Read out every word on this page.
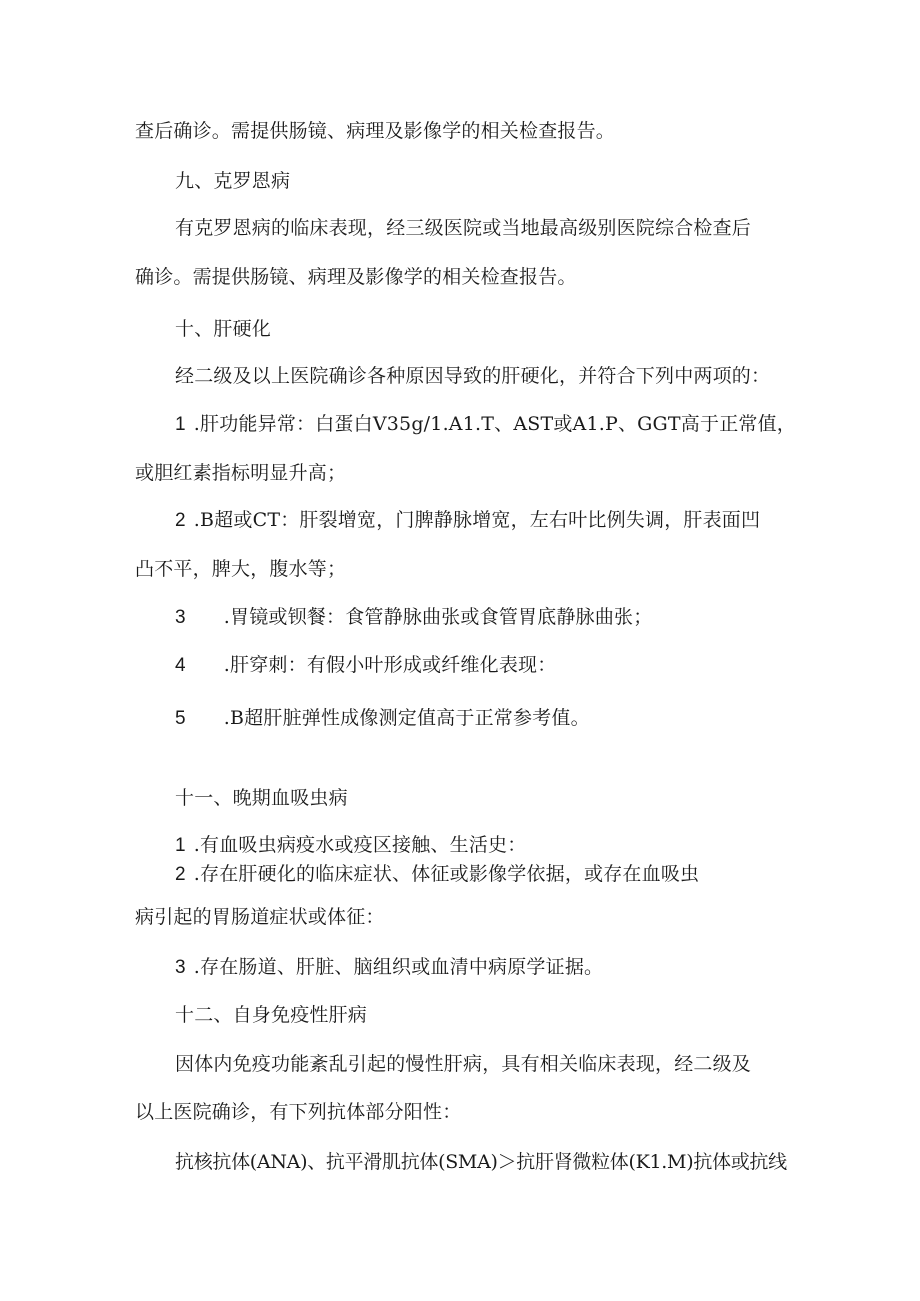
查后确诊。需提供肠镜、病理及影像学的相关检查报告。
九、克罗恩病
有克罗恩病的临床表现，经三级医院或当地最高级别医院综合检查后
确诊。需提供肠镜、病理及影像学的相关检查报告。
十、肝硬化
经二级及以上医院确诊各种原因导致的肝硬化，并符合下列中两项的：
1 .肝功能异常：白蛋白V35g∕1.A1.T、AST或A1.P、GGT高于正常值，
或胆红素指标明显升高；
2 .B超或CT：肝裂增宽，门脾静脉增宽，左右叶比例失调，肝表面凹
凸不平，脾大，腹水等；
3 .胃镜或钡餐：食管静脉曲张或食管胃底静脉曲张；
4 .肝穿刺：有假小叶形成或纤维化表现：
5 .B超肝脏弹性成像测定值高于正常参考值。
十一、晚期血吸虫病
1 .有血吸虫病疫水或疫区接触、生活史：
2 .存在肝硬化的临床症状、体征或影像学依据，或存在血吸虫
病引起的胃肠道症状或体征：
3 .存在肠道、肝脏、脑组织或血清中病原学证据。
十二、自身免疫性肝病
因体内免疫功能紊乱引起的慢性肝病，具有相关临床表现，经二级及
以上医院确诊，有下列抗体部分阳性：
抗核抗体(ANA)、抗平滑肌抗体(SMA)＞抗肝肾微粒体(K1.M)抗体或抗线
